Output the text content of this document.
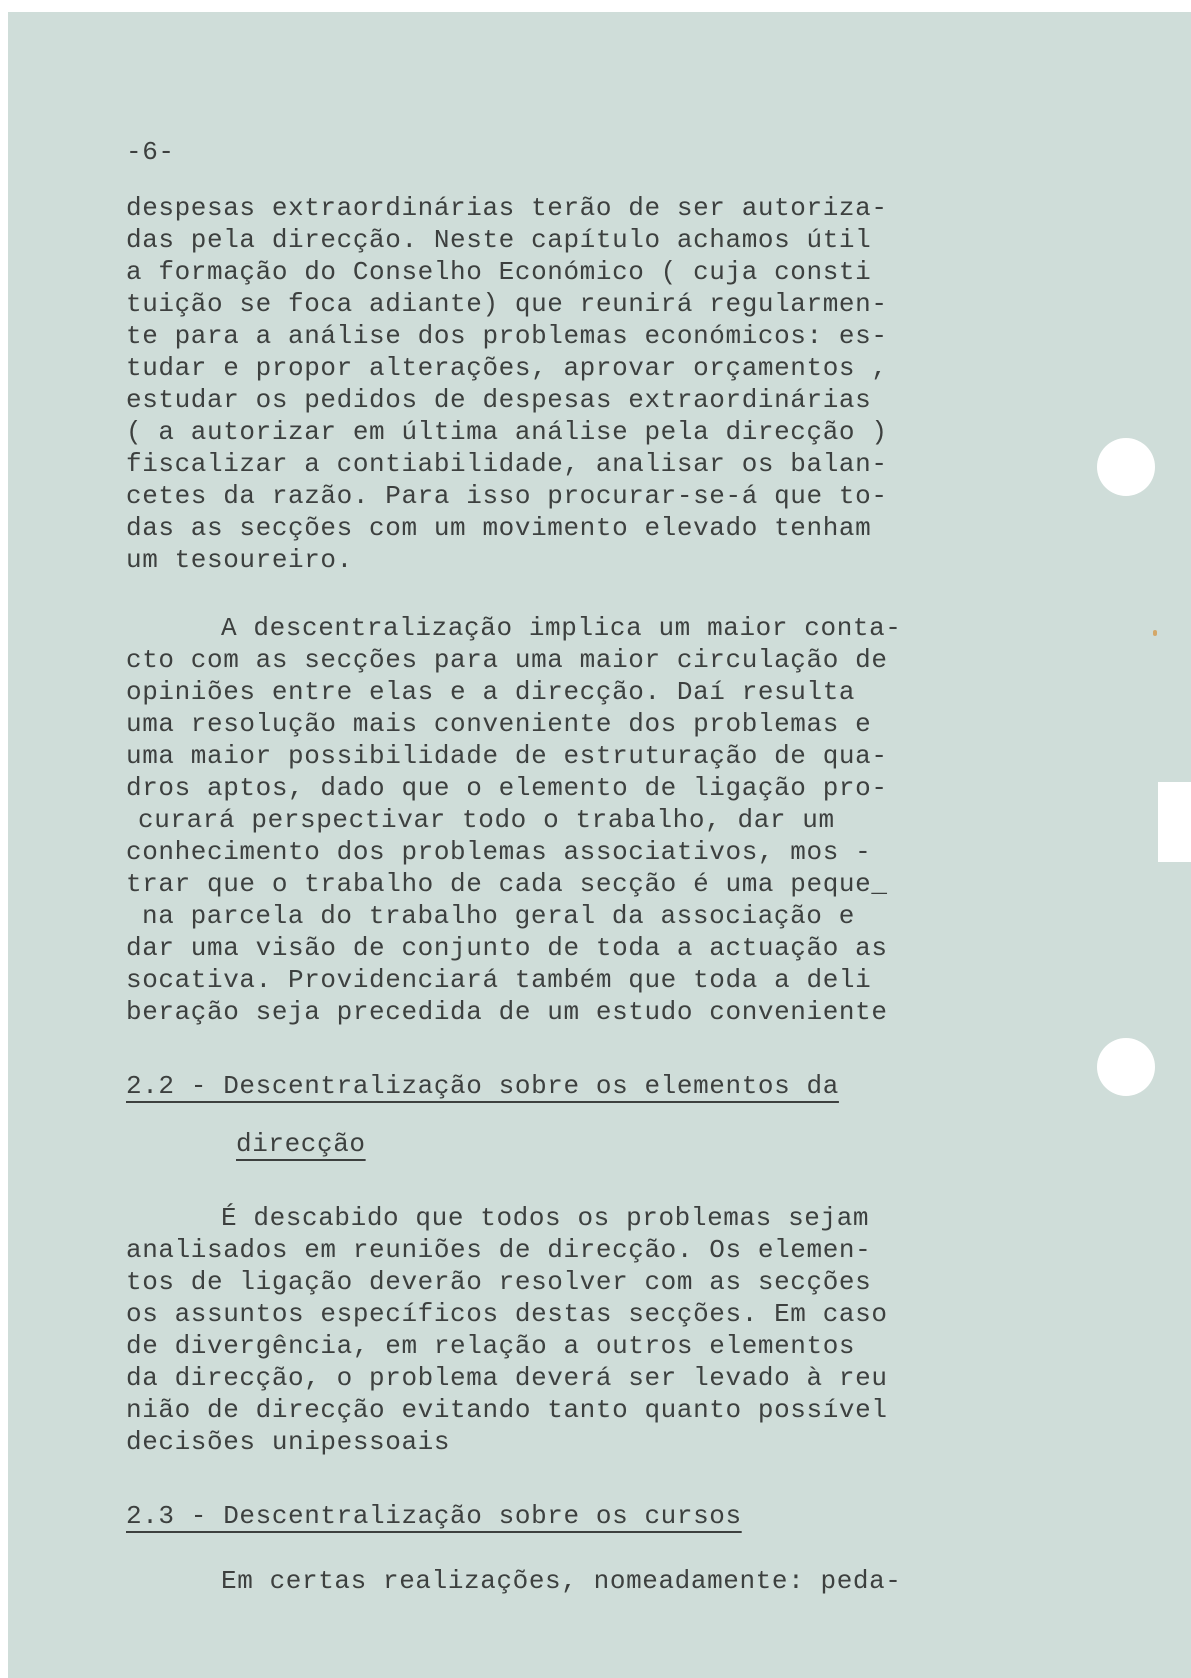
-6-
despesas extraordinárias terão de ser autoriza-
das pela direcção. Neste capítulo achamos útil
a formação do Conselho Económico ( cuja consti
tuição se foca adiante) que reunirá regularmen-
te para a análise dos problemas económicos: es-
tudar e propor alterações, aprovar orçamentos ,
estudar os pedidos de despesas extraordinárias
( a autorizar em última análise pela direcção )
fiscalizar a contiabilidade, analisar os balan-
cetes da razão. Para isso procurar-se-á que to-
das as secções com um movimento elevado tenham
um tesoureiro.
A descentralização implica um maior conta-
cto com as secções para uma maior circulação de
opiniões entre elas e a direcção. Daí resulta
uma resolução mais conveniente dos problemas e
uma maior possibilidade de estruturação de qua-
dros aptos, dado que o elemento de ligação pro-
curará perspectivar todo o trabalho, dar um
conhecimento dos problemas associativos, mos -
trar que o trabalho de cada secção é uma peque_
na parcela do trabalho geral da associação e
dar uma visão de conjunto de toda a actuação as
socativa. Providenciará também que toda a deli
beração seja precedida de um estudo conveniente
2.2 - Descentralização sobre os elementos da
direcção
É descabido que todos os problemas sejam
analisados em reuniões de direcção. Os elemen-
tos de ligação deverão resolver com as secções
os assuntos específicos destas secções. Em caso
de divergência, em relação a outros elementos
da direcção, o problema deverá ser levado à reu
nião de direcção evitando tanto quanto possível
decisões unipessoais
2.3 - Descentralização sobre os cursos
Em certas realizações, nomeadamente: peda-
